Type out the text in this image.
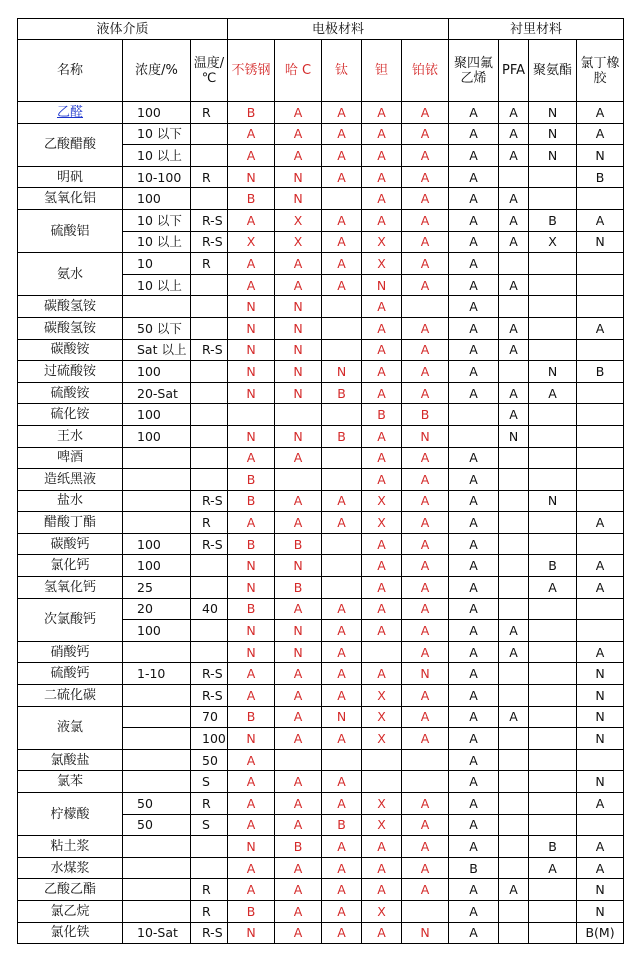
液体介质			电极材料					衬里材料			
名称	浓度/%	温度/℃	不锈钢	哈 C	钛	钽	铂铱	聚四氟乙烯	PFA	聚氨酯	氯丁橡胶
乙醛	100	R	B	A	A	A	A	A	A	N	A
乙酸醋酸	10 以下		A	A	A	A	A	A	A	N	A
	10 以上		A	A	A	A	A	A	A	N	N
明矾	10-100	R	N	N	A	A	A	A			B
氢氧化铝	100		B	N		A	A	A	A		
硫酸铝	10 以下	R-S	A	X	A	A	A	A	A	B	A
	10 以上	R-S	X	X	A	X	A	A	A	X	N
氨水	10	R	A	A	A	X	A	A			
	10 以上		A	A	A	N	A	A	A		
碳酸氢铵			N	N		A		A			
碳酸氢铵	50 以下		N	N		A	A	A	A		A
碳酸铵	Sat 以上	R-S	N	N		A	A	A	A		
过硫酸铵	100		N	N	N	A	A	A		N	B
硫酸铵	20-Sat		N	N	B	A	A	A	A	A	
硫化铵	100					B	B		A		
王水	100		N	N	B	A	N		N		
啤酒			A	A		A	A	A			
造纸黑液			B			A	A	A			
盐水		R-S	B	A	A	X	A	A		N	
醋酸丁酯		R	A	A	A	X	A	A			A
碳酸钙	100	R-S	B	B		A	A	A			
氯化钙	100		N	N		A	A	A		B	A
氢氧化钙	25		N	B		A	A	A		A	A
次氯酸钙	20	40	B	A	A	A	A	A			
	100		N	N	A	A	A	A	A		
硝酸钙			N	N	A		A	A	A		A
硫酸钙	1-10	R-S	A	A	A	A	N	A			N
二硫化碳		R-S	A	A	A	X	A	A			N
液氯		70	B	A	N	X	A	A	A		N
		100	N	A	A	X	A	A			N
氯酸盐		50	A					A			
氯苯		S	A	A	A			A			N
柠檬酸	50	R	A	A	A	X	A	A			A
	50	S	A	A	B	X	A	A			
粘土浆			N	B	A	A	A	A		B	A
水煤浆			A	A	A	A	A	B		A	A
乙酸乙酯		R	A	A	A	A	A	A	A		N
氯乙烷		R	B	A	A	X		A			N
氯化铁	10-Sat	R-S	N	A	A	A	N	A			B(M)
